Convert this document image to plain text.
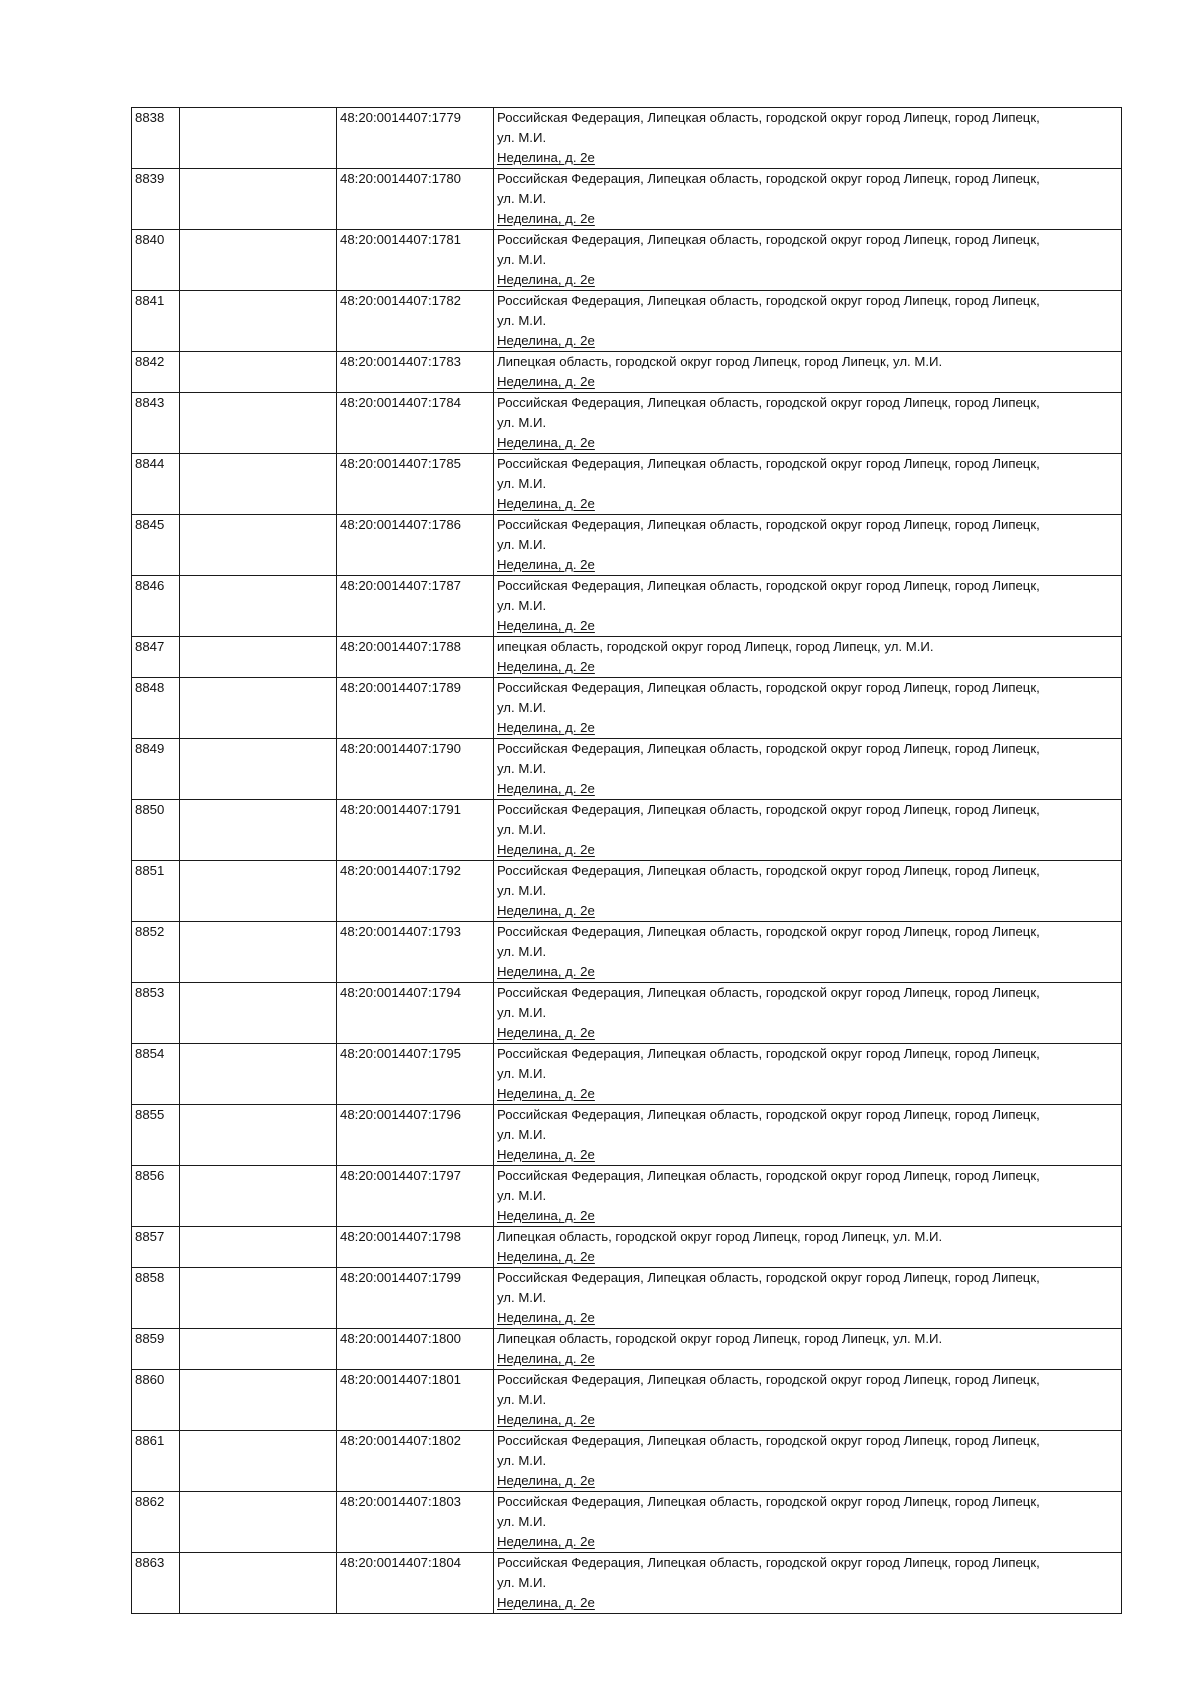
8838		48:20:0014407:1779	Российская Федерация, Липецкая область, городской округ город Липецк, город Липецк,
ул. М.И.
Неделина, д. 2е

8839		48:20:0014407:1780	Российская Федерация, Липецкая область, городской округ город Липецк, город Липецк,
ул. М.И.
Неделина, д. 2е

8840		48:20:0014407:1781	Российская Федерация, Липецкая область, городской округ город Липецк, город Липецк,
ул. М.И.
Неделина, д. 2е

8841		48:20:0014407:1782	Российская Федерация, Липецкая область, городской округ город Липецк, город Липецк,
ул. М.И.
Неделина, д. 2е

8842		48:20:0014407:1783	Липецкая область, городской округ город Липецк, город Липецк, ул. М.И.
Неделина, д. 2е

8843		48:20:0014407:1784	Российская Федерация, Липецкая область, городской округ город Липецк, город Липецк,
ул. М.И.
Неделина, д. 2е

8844		48:20:0014407:1785	Российская Федерация, Липецкая область, городской округ город Липецк, город Липецк,
ул. М.И.
Неделина, д. 2е

8845		48:20:0014407:1786	Российская Федерация, Липецкая область, городской округ город Липецк, город Липецк,
ул. М.И.
Неделина, д. 2е

8846		48:20:0014407:1787	Российская Федерация, Липецкая область, городской округ город Липецк, город Липецк,
ул. М.И.
Неделина, д. 2е

8847		48:20:0014407:1788	ипецкая область, городской округ город Липецк, город Липецк, ул. М.И.
Неделина, д. 2е

8848		48:20:0014407:1789	Российская Федерация, Липецкая область, городской округ город Липецк, город Липецк,
ул. М.И.
Неделина, д. 2е

8849		48:20:0014407:1790	Российская Федерация, Липецкая область, городской округ город Липецк, город Липецк,
ул. М.И.
Неделина, д. 2е

8850		48:20:0014407:1791	Российская Федерация, Липецкая область, городской округ город Липецк, город Липецк,
ул. М.И.
Неделина, д. 2е

8851		48:20:0014407:1792	Российская Федерация, Липецкая область, городской округ город Липецк, город Липецк,
ул. М.И.
Неделина, д. 2е

8852		48:20:0014407:1793	Российская Федерация, Липецкая область, городской округ город Липецк, город Липецк,
ул. М.И.
Неделина, д. 2е

8853		48:20:0014407:1794	Российская Федерация, Липецкая область, городской округ город Липецк, город Липецк,
ул. М.И.
Неделина, д. 2е

8854		48:20:0014407:1795	Российская Федерация, Липецкая область, городской округ город Липецк, город Липецк,
ул. М.И.
Неделина, д. 2е

8855		48:20:0014407:1796	Российская Федерация, Липецкая область, городской округ город Липецк, город Липецк,
ул. М.И.
Неделина, д. 2е

8856		48:20:0014407:1797	Российская Федерация, Липецкая область, городской округ город Липецк, город Липецк,
ул. М.И.
Неделина, д. 2е

8857		48:20:0014407:1798	Липецкая область, городской округ город Липецк, город Липецк, ул. М.И.
Неделина, д. 2е

8858		48:20:0014407:1799	Российская Федерация, Липецкая область, городской округ город Липецк, город Липецк,
ул. М.И.
Неделина, д. 2е

8859		48:20:0014407:1800	Липецкая область, городской округ город Липецк, город Липецк, ул. М.И.
Неделина, д. 2е

8860		48:20:0014407:1801	Российская Федерация, Липецкая область, городской округ город Липецк, город Липецк,
ул. М.И.
Неделина, д. 2е

8861		48:20:0014407:1802	Российская Федерация, Липецкая область, городской округ город Липецк, город Липецк,
ул. М.И.
Неделина, д. 2е

8862		48:20:0014407:1803	Российская Федерация, Липецкая область, городской округ город Липецк, город Липецк,
ул. М.И.
Неделина, д. 2е

8863		48:20:0014407:1804	Российская Федерация, Липецкая область, городской округ город Липецк, город Липецк,
ул. М.И.
Неделина, д. 2е
